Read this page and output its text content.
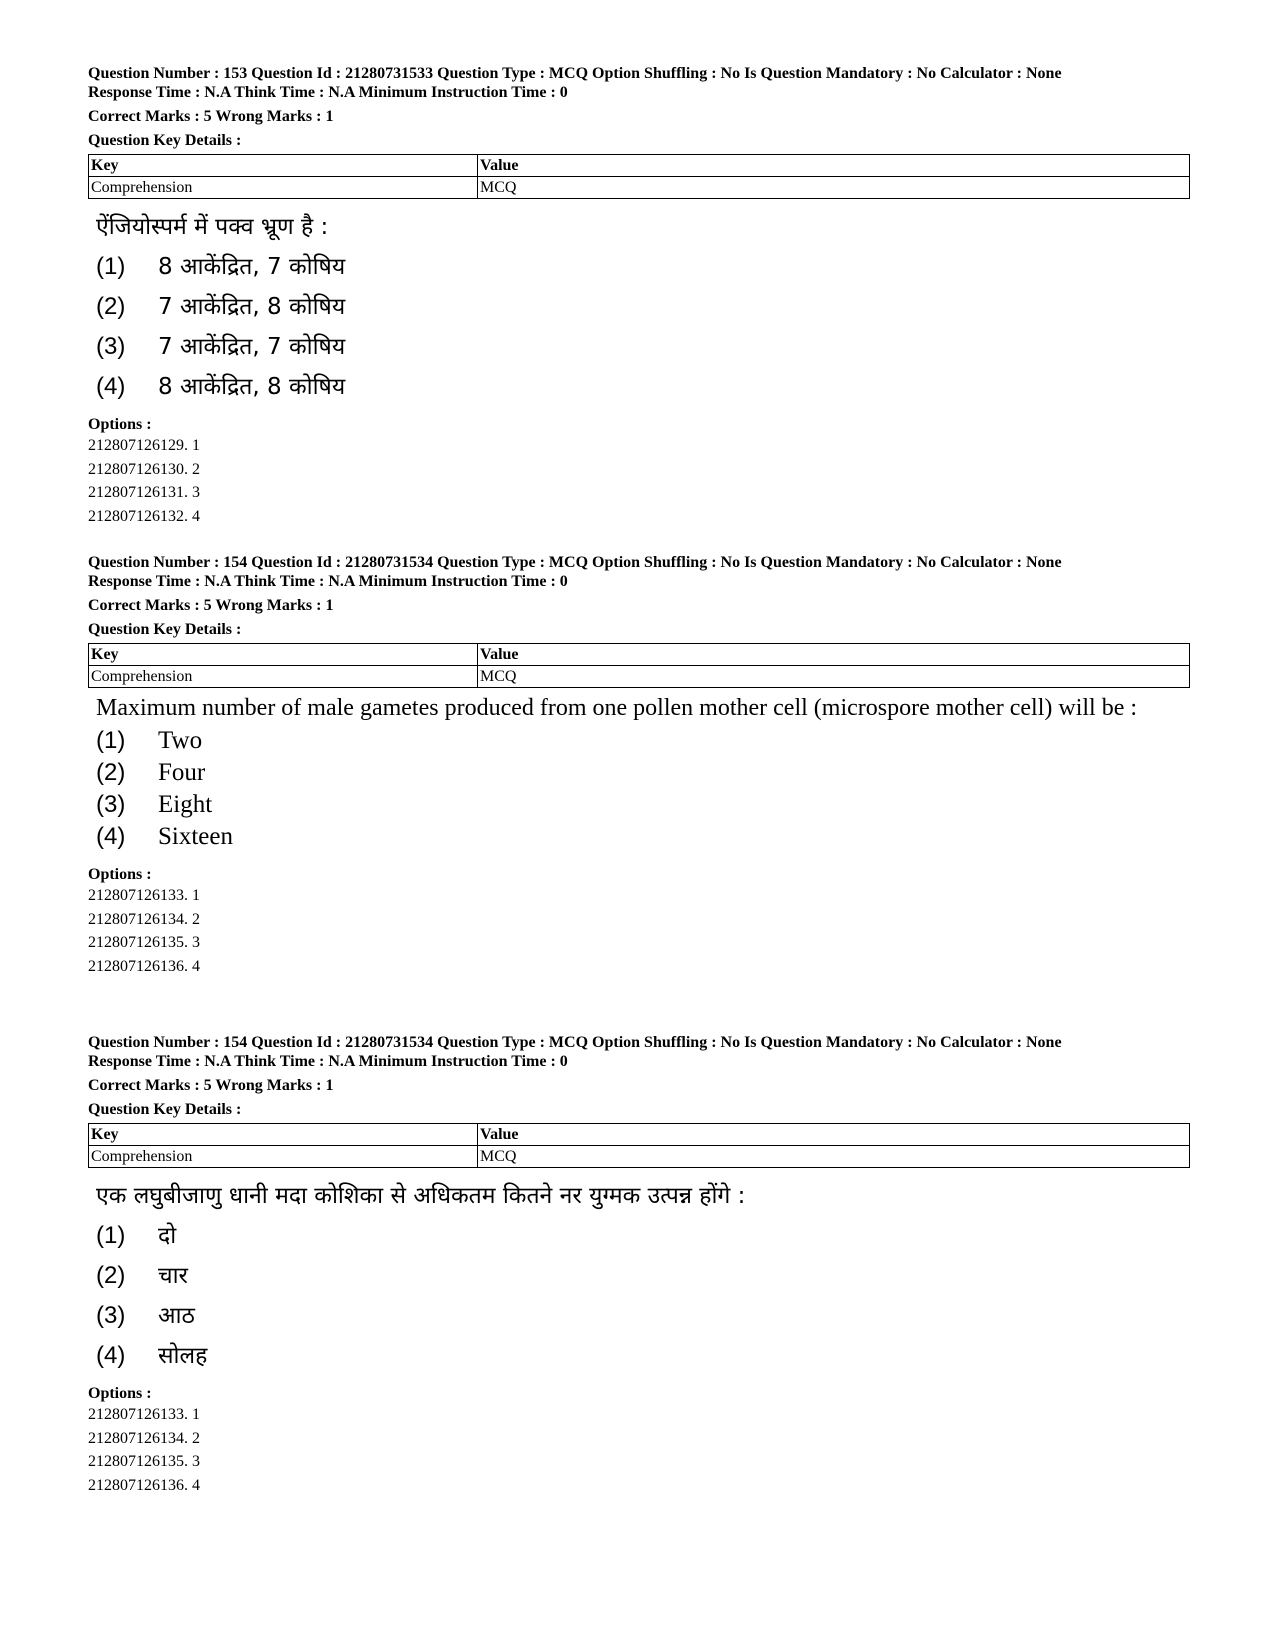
Question Number : 153 Question Id : 21280731533 Question Type : MCQ Option Shuffling : No Is Question Mandatory : No Calculator : None
Response Time : N.A Think Time : N.A Minimum Instruction Time : 0
Correct Marks : 5 Wrong Marks : 1
Question Key Details :
Key	Value
Comprehension	MCQ
ऐंजियोस्पर्म में पक्व भ्रूण है :
(1)	8 आकेंद्रित, 7 कोषिय
(2)	7 आकेंद्रित, 8 कोषिय
(3)	7 आकेंद्रित, 7 कोषिय
(4)	8 आकेंद्रित, 8 कोषिय
Options :
212807126129. 1
212807126130. 2
212807126131. 3
212807126132. 4
Question Number : 154 Question Id : 21280731534 Question Type : MCQ Option Shuffling : No Is Question Mandatory : No Calculator : None
Response Time : N.A Think Time : N.A Minimum Instruction Time : 0
Correct Marks : 5 Wrong Marks : 1
Question Key Details :
Key	Value
Comprehension	MCQ
Maximum number of male gametes produced from one pollen mother cell (microspore mother cell) will be :
(1)	Two
(2)	Four
(3)	Eight
(4)	Sixteen
Options :
212807126133. 1
212807126134. 2
212807126135. 3
212807126136. 4
Question Number : 154 Question Id : 21280731534 Question Type : MCQ Option Shuffling : No Is Question Mandatory : No Calculator : None
Response Time : N.A Think Time : N.A Minimum Instruction Time : 0
Correct Marks : 5 Wrong Marks : 1
Question Key Details :
Key	Value
Comprehension	MCQ
एक लघुबीजाणु धानी मदा कोशिका से अधिकतम कितने नर युग्मक उत्पन्न होंगे :
(1)	दो
(2)	चार
(3)	आठ
(4)	सोलह
Options :
212807126133. 1
212807126134. 2
212807126135. 3
212807126136. 4
